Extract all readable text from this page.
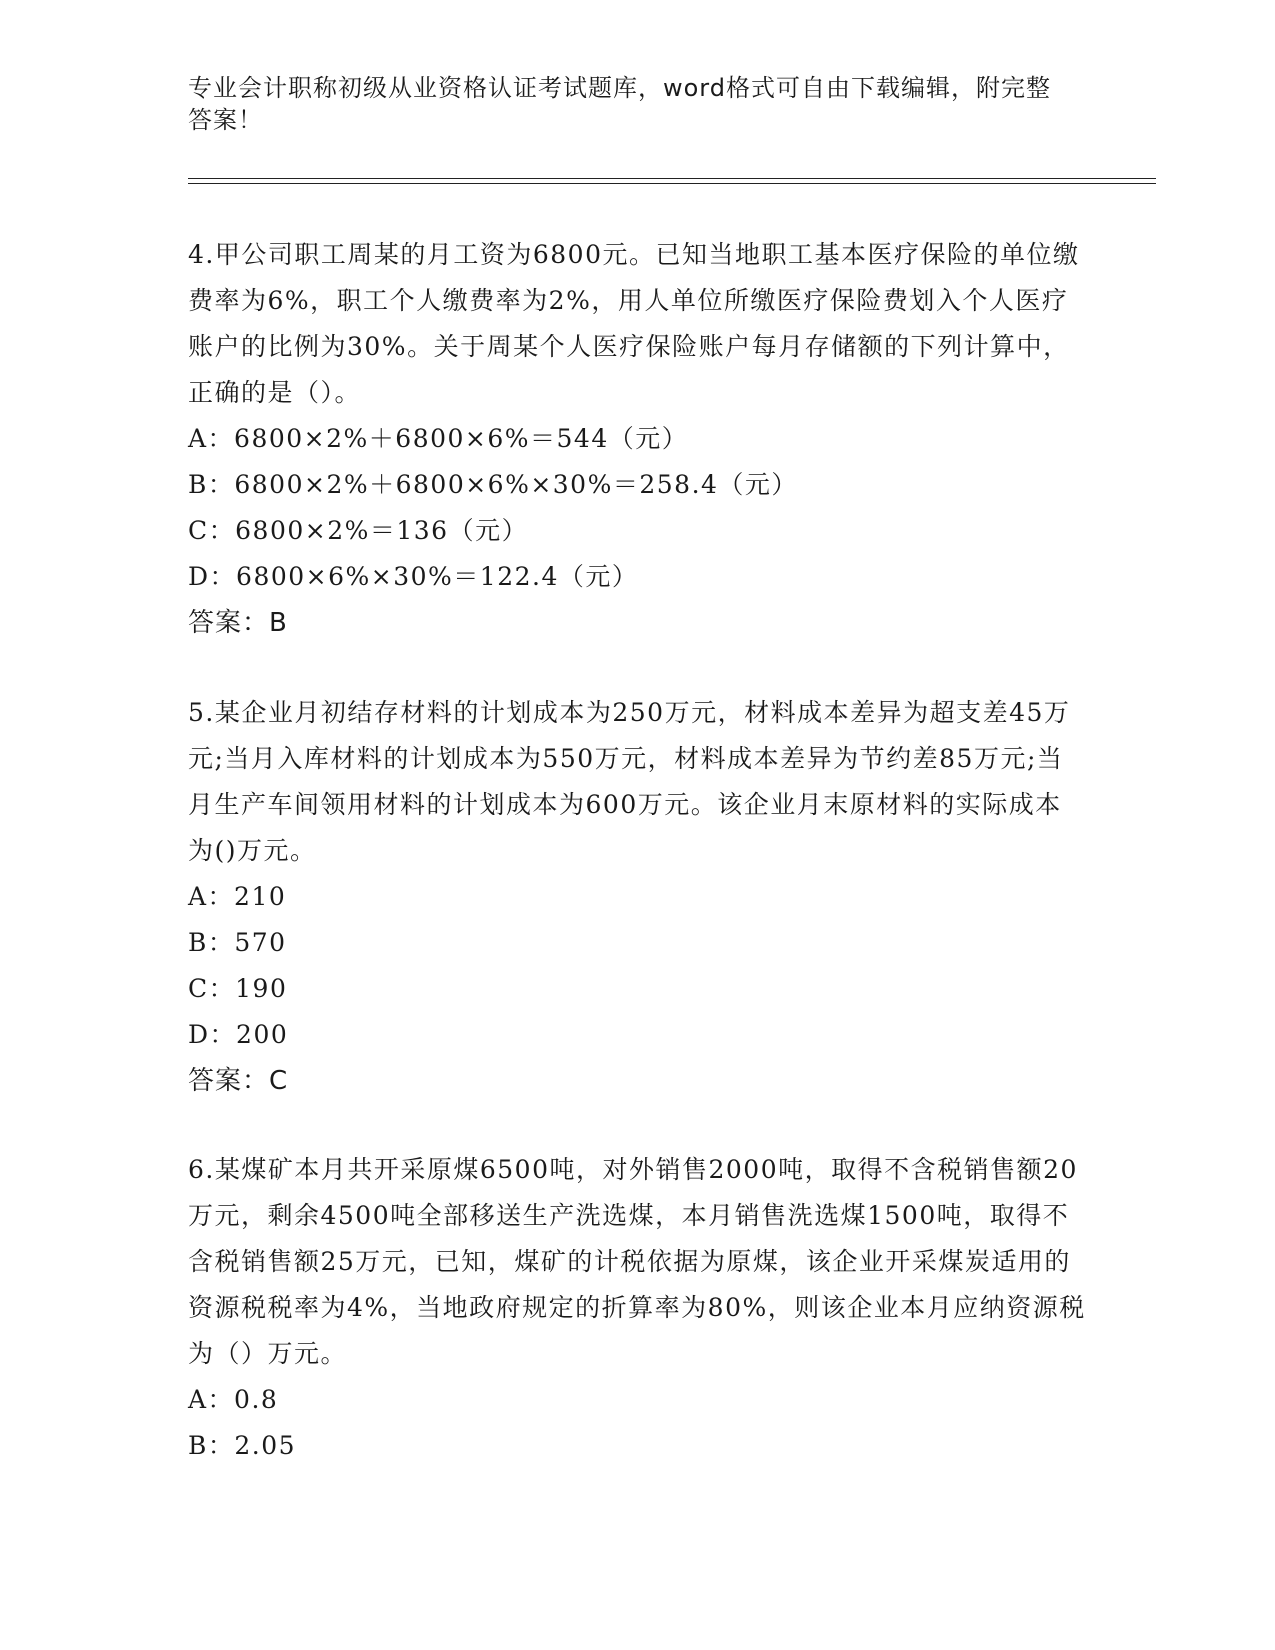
专业会计职称初级从业资格认证考试题库，word格式可自由下载编辑，附完整答案！

4.甲公司职工周某的月工资为6800元。已知当地职工基本医疗保险的单位缴费率为6%，职工个人缴费率为2%，用人单位所缴医疗保险费划入个人医疗账户的比例为30%。关于周某个人医疗保险账户每月存储额的下列计算中，正确的是（）。

A：6800×2%＋6800×6%＝544（元）

B：6800×2%＋6800×6%×30%＝258.4（元）

C：6800×2%＝136（元）

D：6800×6%×30%＝122.4（元）

答案：B

5.某企业月初结存材料的计划成本为250万元，材料成本差异为超支差45万元;当月入库材料的计划成本为550万元，材料成本差异为节约差85万元;当月生产车间领用材料的计划成本为600万元。该企业月末原材料的实际成本为()万元。

A：210

B：570

C：190

D：200

答案：C

6.某煤矿本月共开采原煤6500吨，对外销售2000吨，取得不含税销售额20万元，剩余4500吨全部移送生产洗选煤，本月销售洗选煤1500吨，取得不含税销售额25万元，已知，煤矿的计税依据为原煤，该企业开采煤炭适用的资源税税率为4%，当地政府规定的折算率为80%，则该企业本月应纳资源税为（）万元。

A：0.8

B：2.05
